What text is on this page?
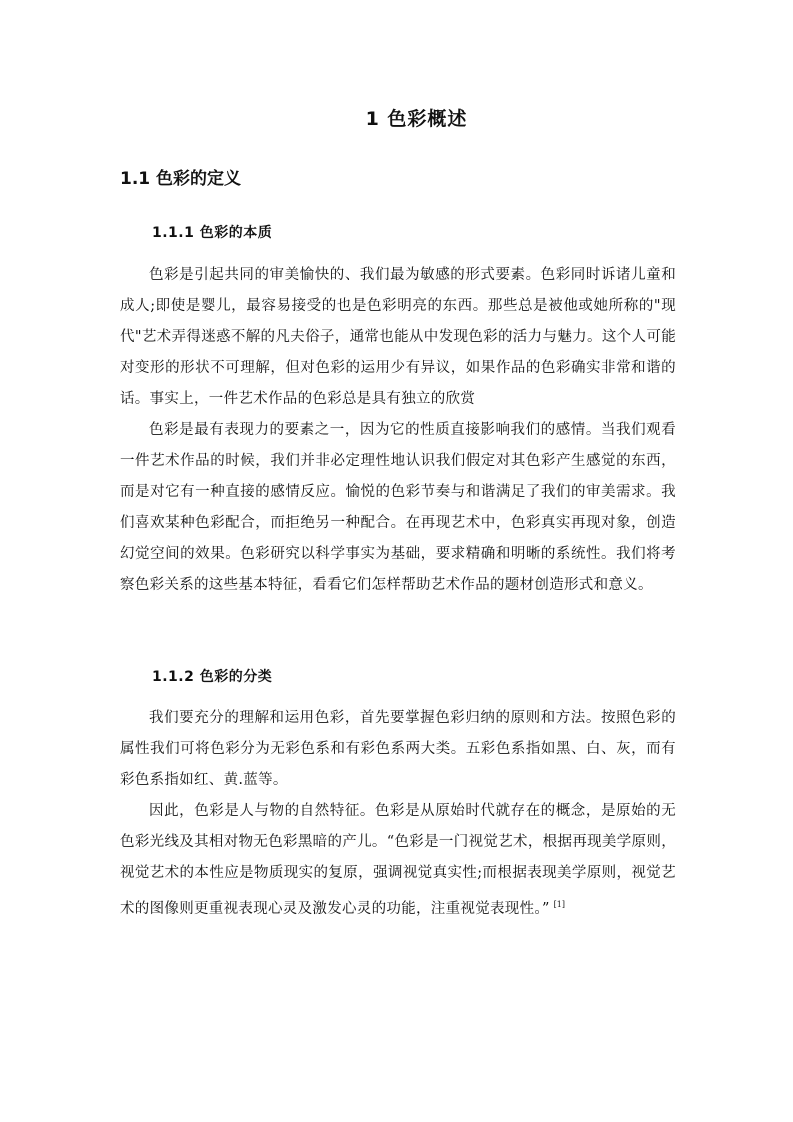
1 色彩概述
1.1 色彩的定义
1.1.1 色彩的本质

色彩是引起共同的审美愉快的、我们最为敏感的形式要素。色彩同时诉诸儿童和成人;即使是婴儿，最容易接受的也是色彩明亮的东西。那些总是被他或她所称的"现代"艺术弄得迷惑不解的凡夫俗子，通常也能从中发现色彩的活力与魅力。这个人可能对变形的形状不可理解，但对色彩的运用少有异议，如果作品的色彩确实非常和谐的话。事实上，一件艺术作品的色彩总是具有独立的欣赏

色彩是最有表现力的要素之一，因为它的性质直接影响我们的感情。当我们观看一件艺术作品的时候，我们并非必定理性地认识我们假定对其色彩产生感觉的东西，而是对它有一种直接的感情反应。愉悦的色彩节奏与和谐满足了我们的审美需求。我们喜欢某种色彩配合，而拒绝另一种配合。在再现艺术中，色彩真实再现对象，创造幻觉空间的效果。色彩研究以科学事实为基础，要求精确和明晰的系统性。我们将考察色彩关系的这些基本特征，看看它们怎样帮助艺术作品的题材创造形式和意义。

1.1.2 色彩的分类

我们要充分的理解和运用色彩，首先要掌握色彩归纳的原则和方法。按照色彩的属性我们可将色彩分为无彩色系和有彩色系两大类。五彩色系指如黑、白、灰，而有彩色系指如红、黄.蓝等。

因此，色彩是人与物的自然特征。色彩是从原始时代就存在的概念，是原始的无色彩光线及其相对物无色彩黑暗的产儿。“色彩是一门视觉艺术，根据再现美学原则，视觉艺术的本性应是物质现实的复原，强调视觉真实性;而根据表现美学原则，视觉艺术的图像则更重视表现心灵及激发心灵的功能，注重视觉表现性。” [1]
